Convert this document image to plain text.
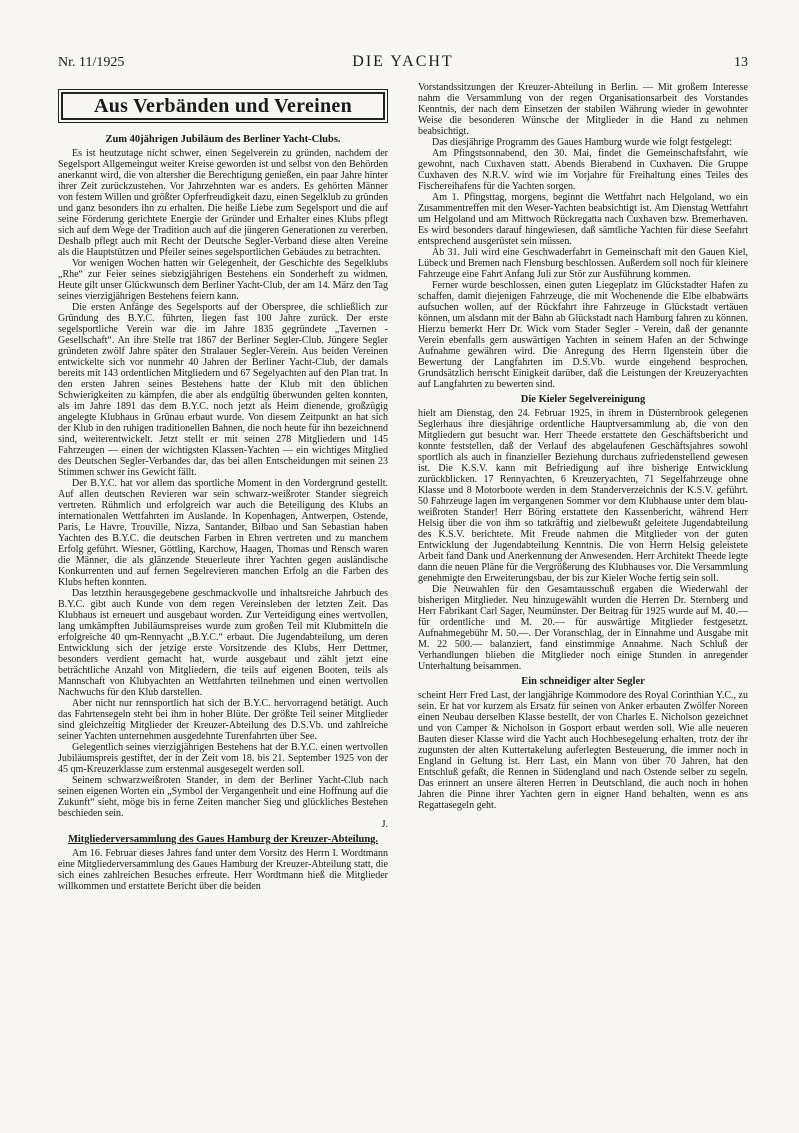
Nr. 11/1925	DIE YACHT	13
Aus Verbänden und Vereinen
Zum 40jährigen Jubiläum des Berliner Yacht-Clubs.

Es ist heutzutage nicht schwer, einen Segelverein zu gründen, nachdem der Segelsport Allgemeingut weiter Kreise geworden ist und selbst von den Behörden anerkannt wird, die von altersher die Berechtigung genießen, ein paar Jahre hinter ihrer Zeit zurückzustehen. Vor Jahrzehnten war es anders. Es gehörten Männer von festem Willen und größter Opferfreudigkeit dazu, einen Segelklub zu gründen und ganz besonders ihn zu erhalten. Die heiße Liebe zum Segelsport und die auf seine Förderung gerichtete Energie der Gründer und Erhalter eines Klubs pflegt sich auf dem Wege der Tradition auch auf die jüngeren Generationen zu vererben. Deshalb pflegt auch mit Recht der Deutsche Segler-Verband diese alten Vereine als die Hauptstützen und Pfeiler seines segelsportlichen Gebäudes zu betrachten.

Vor wenigen Wochen hatten wir Gelegenheit, der Geschichte des Segelklubs „Rhe“ zur Feier seines siebzigjährigen Bestehens ein Sonderheft zu widmen. Heute gilt unser Glückwunsch dem Berliner Yacht-Club, der am 14. März den Tag seines vierzigjährigen Bestehens feiern kann.

Die ersten Anfänge des Segelsports auf der Oberspree, die schließlich zur Gründung des B.Y.C. führten, liegen fast 100 Jahre zurück. Der erste segelsportliche Verein war die im Jahre 1835 gegründete „Tavernen - Gesellschaft“. An ihre Stelle trat 1867 der Berliner Segler-Club. Jüngere Segler gründeten zwölf Jahre später den Stralauer Segler-Verein. Aus beiden Vereinen entwickelte sich vor nunmehr 40 Jahren der Berliner Yacht-Club, der damals bereits mit 143 ordentlichen Mitgliedern und 67 Segelyachten auf den Plan trat. In den ersten Jahren seines Bestehens hatte der Klub mit den üblichen Schwierigkeiten zu kämpfen, die aber als endgültig überwunden gelten konnten, als im Jahre 1891 das dem B.Y.C. noch jetzt als Heim dienende, großzügig angelegte Klubhaus in Grünau erbaut wurde. Von diesem Zeitpunkt an hat sich der Klub in den ruhigen traditionellen Bahnen, die noch heute für ihn bezeichnend sind, weiterentwickelt. Jetzt stellt er mit seinen 278 Mitgliedern und 145 Fahrzeugen — einen der wichtigsten Klassen-Yachten — ein wichtiges Mitglied des Deutschen Segler-Verbandes dar, das bei allen Entscheidungen mit seinen 23 Stimmen schwer ins Gewicht fällt.

Der B.Y.C. hat vor allem das sportliche Moment in den Vordergrund gestellt. Auf allen deutschen Revieren war sein schwarz-weißroter Stander siegreich vertreten. Rühmlich und erfolgreich war auch die Beteiligung des Klubs an internationalen Wettfahrten im Auslande. In Kopenhagen, Antwerpen, Ostende, Paris, Le Havre, Trouville, Nizza, Santander, Bilbao und San Sebastian haben Yachten des B.Y.C. die deutschen Farben in Ehren vertreten und zu manchem Erfolg geführt. Wiesner, Göttling, Karchow, Haagen, Thomas und Rensch waren die Männer, die als glänzende Steuerleute ihrer Yachten gegen ausländische Konkurrenten und auf fernen Segelrevieren manchen Erfolg an die Farben des Klubs heften konnten.

Das letzthin herausgegebene geschmackvolle und inhaltsreiche Jahrbuch des B.Y.C. gibt auch Kunde von dem regen Vereinsleben der letzten Zeit. Das Klubhaus ist erneuert und ausgebaut worden. Zur Verteidigung eines wertvollen, lang umkämpften Jubiläumspreises wurde zum großen Teil mit Klubmitteln die erfolgreiche 40 qm-Rennyacht „B.Y.C.“ erbaut. Die Jugendabteilung, um deren Entwicklung sich der jetzige erste Vorsitzende des Klubs, Herr Dettmer, besonders verdient gemacht hat, wurde ausgebaut und zählt jetzt eine beträchtliche Anzahl von Mitgliedern, die teils auf eigenen Booten, teils als Mannschaft von Klubyachten an Wettfahrten teilnehmen und einen wertvollen Nachwuchs für den Klub darstellen.

Aber nicht nur rennsportlich hat sich der B.Y.C. hervorragend betätigt. Auch das Fahrtensegeln steht bei ihm in hoher Blüte. Der größte Teil seiner Mitglieder sind gleichzeitig Mitglieder der Kreuzer-Abteilung des D.S.Vb. und zahlreiche seiner Yachten unternehmen ausgedehnte Turenfahrten über See.

Gelegentlich seines vierzigjährigen Bestehens hat der B.Y.C. einen wertvollen Jubiläumspreis gestiftet, der in der Zeit vom 18. bis 21. September 1925 von der 45 qm-Kreuzerklasse zum erstenmal ausgesegelt werden soll.

Seinem schwarzweißroten Stander, in dem der Berliner Yacht-Club nach seinen eigenen Worten ein „Symbol der Vergangenheit und eine Hoffnung auf die Zukunft“ sieht, möge bis in ferne Zeiten mancher Sieg und glückliches Bestehen beschieden sein.

J.
Mitgliederversammlung des Gaues Hamburg der Kreuzer-Abteilung.

Am 16. Februar dieses Jahres fand unter dem Vorsitz des Herrn I. Wordtmann eine Mitgliederversammlung des Gaues Hamburg der Kreuzer-Abteilung statt, die sich eines zahlreichen Besuches erfreute. Herr Wordtmann hieß die Mitglieder willkommen und erstattete Bericht über die beiden

Vorstandssitzungen der Kreuzer-Abteilung in Berlin. — Mit großem Interesse nahm die Versammlung von der regen Organisationsarbeit des Vorstandes Kenntnis, der nach dem Einsetzen der stabilen Währung wieder in gewohnter Weise die besonderen Wünsche der Mitglieder in die Hand zu nehmen beabsichtigt.

Das diesjährige Programm des Gaues Hamburg wurde wie folgt festgelegt:

Am Pfingstsonnabend, den 30. Mai, findet die Gemeinschaftsfahrt, wie gewohnt, nach Cuxhaven statt. Abends Bierabend in Cuxhaven. Die Gruppe Cuxhaven des N.R.V. wird wie im Vorjahre für Freihaltung eines Teiles des Fischereihafens für die Yachten sorgen.

Am 1. Pfingsttag, morgens, beginnt die Wettfahrt nach Helgoland, wo ein Zusammentreffen mit den Weser-Yachten beabsichtigt ist. Am Dienstag Wettfahrt um Helgoland und am Mittwoch Rückregatta nach Cuxhaven bzw. Bremerhaven. Es wird besonders darauf hingewiesen, daß sämtliche Yachten für diese Seefahrt entsprechend ausgerüstet sein müssen.

Ab 31. Juli wird eine Geschwaderfahrt in Gemeinschaft mit den Gauen Kiel, Lübeck und Bremen nach Flensburg beschlossen. Außerdem soll noch für kleinere Fahrzeuge eine Fahrt Anfang Juli zur Stör zur Ausführung kommen.

Ferner wurde beschlossen, einen guten Liegeplatz im Glückstadter Hafen zu schaffen, damit diejenigen Fahrzeuge, die mit Wochenende die Elbe elbabwärts aufsuchen wollen, auf der Rückfahrt ihre Fahrzeuge in Glückstadt vertäuen können, um alsdann mit der Bahn ab Glückstadt nach Hamburg fahren zu können. Hierzu bemerkt Herr Dr. Wick vom Stader Segler - Verein, daß der genannte Verein ebenfalls gern auswärtigen Yachten in seinem Hafen an der Schwinge Aufnahme gewähren wird. Die Anregung des Herrn Ilgenstein über die Bewertung der Langfahrten im D.S.Vb. wurde eingehend besprochen. Grundsätzlich herrscht Einigkeit darüber, daß die Leistungen der Kreuzeryachten auf Langfahrten zu bewerten sind.

Die Kieler Segelvereinigung

hielt am Dienstag, den 24. Februar 1925, in ihrem in Düsternbrook gelegenen Seglerhaus ihre diesjährige ordentliche Hauptversammlung ab, die von den Mitgliedern gut besucht war. Herr Theede erstattete den Geschäftsbericht und konnte feststellen, daß der Verlauf des abgelaufenen Geschäftsjahres sowohl sportlich als auch in finanzieller Beziehung durchaus zufriedenstellend gewesen ist. Die K.S.V. kann mit Befriedigung auf ihre bisherige Entwicklung zurückblicken. 17 Rennyachten, 6 Kreuzeryachten, 71 Segelfahrzeuge ohne Klasse und 8 Motorboote werden in dem Standerverzeichnis der K.S.V. geführt. 50 Fahrzeuge lagen im vergangenen Sommer vor dem Klubhause unter dem blau-weißroten Stander! Herr Böring erstattete den Kassenbericht, während Herr Helsig über die von ihm so tatkräftig und zielbewußt geleitete Jugendabteilung des K.S.V. berichtete. Mit Freude nahmen die Mitglieder von der guten Entwicklung der Jugendabteilung Kenntnis. Die von Herrn Helsig geleistete Arbeit fand Dank und Anerkennung der Anwesenden. Herr Architekt Theede legte dann die neuen Pläne für die Vergrößerung des Klubhauses vor. Die Versammlung genehmigte den Erweiterungsbau, der bis zur Kieler Woche fertig sein soll.

Die Neuwahlen für den Gesamtausschuß ergaben die Wiederwahl der bisherigen Mitglieder. Neu hinzugewählt wurden die Herren Dr. Sternberg und Herr Fabrikant Carl Sager, Neumünster. Der Beitrag für 1925 wurde auf M. 40.— für ordentliche und M. 20.— für auswärtige Mitglieder festgesetzt. Aufnahmegebühr M. 50.—. Der Voranschlag, der in Einnahme und Ausgabe mit M. 22 500.— balanziert, fand einstimmige Annahme. Nach Schluß der Verhandlungen blieben die Mitglieder noch einige Stunden in anregender Unterhaltung beisammen.

Ein schneidiger alter Segler

scheint Herr Fred Last, der langjährige Kommodore des Royal Corinthian Y.C., zu sein. Er hat vor kurzem als Ersatz für seinen von Anker erbauten Zwölfer Noreen einen Neubau derselben Klasse bestellt, der von Charles E. Nicholson gezeichnet und von Camper & Nicholson in Gosport erbaut werden soll. Wie alle neueren Bauten dieser Klasse wird die Yacht auch Hochbesegelung erhalten, trotz der ihr zugunsten der alten Kuttertakelung auferlegten Besteuerung, die immer noch in England in Geltung ist. Herr Last, ein Mann von über 70 Jahren, hat den Entschluß gefaßt, die Rennen in Südengland und nach Ostende selber zu segeln. Das erinnert an unsere älteren Herren in Deutschland, die auch noch in hohen Jahren die Pinne ihrer Yachten gern in eigner Hand behalten, wenn es ans Regattasegeln geht.
